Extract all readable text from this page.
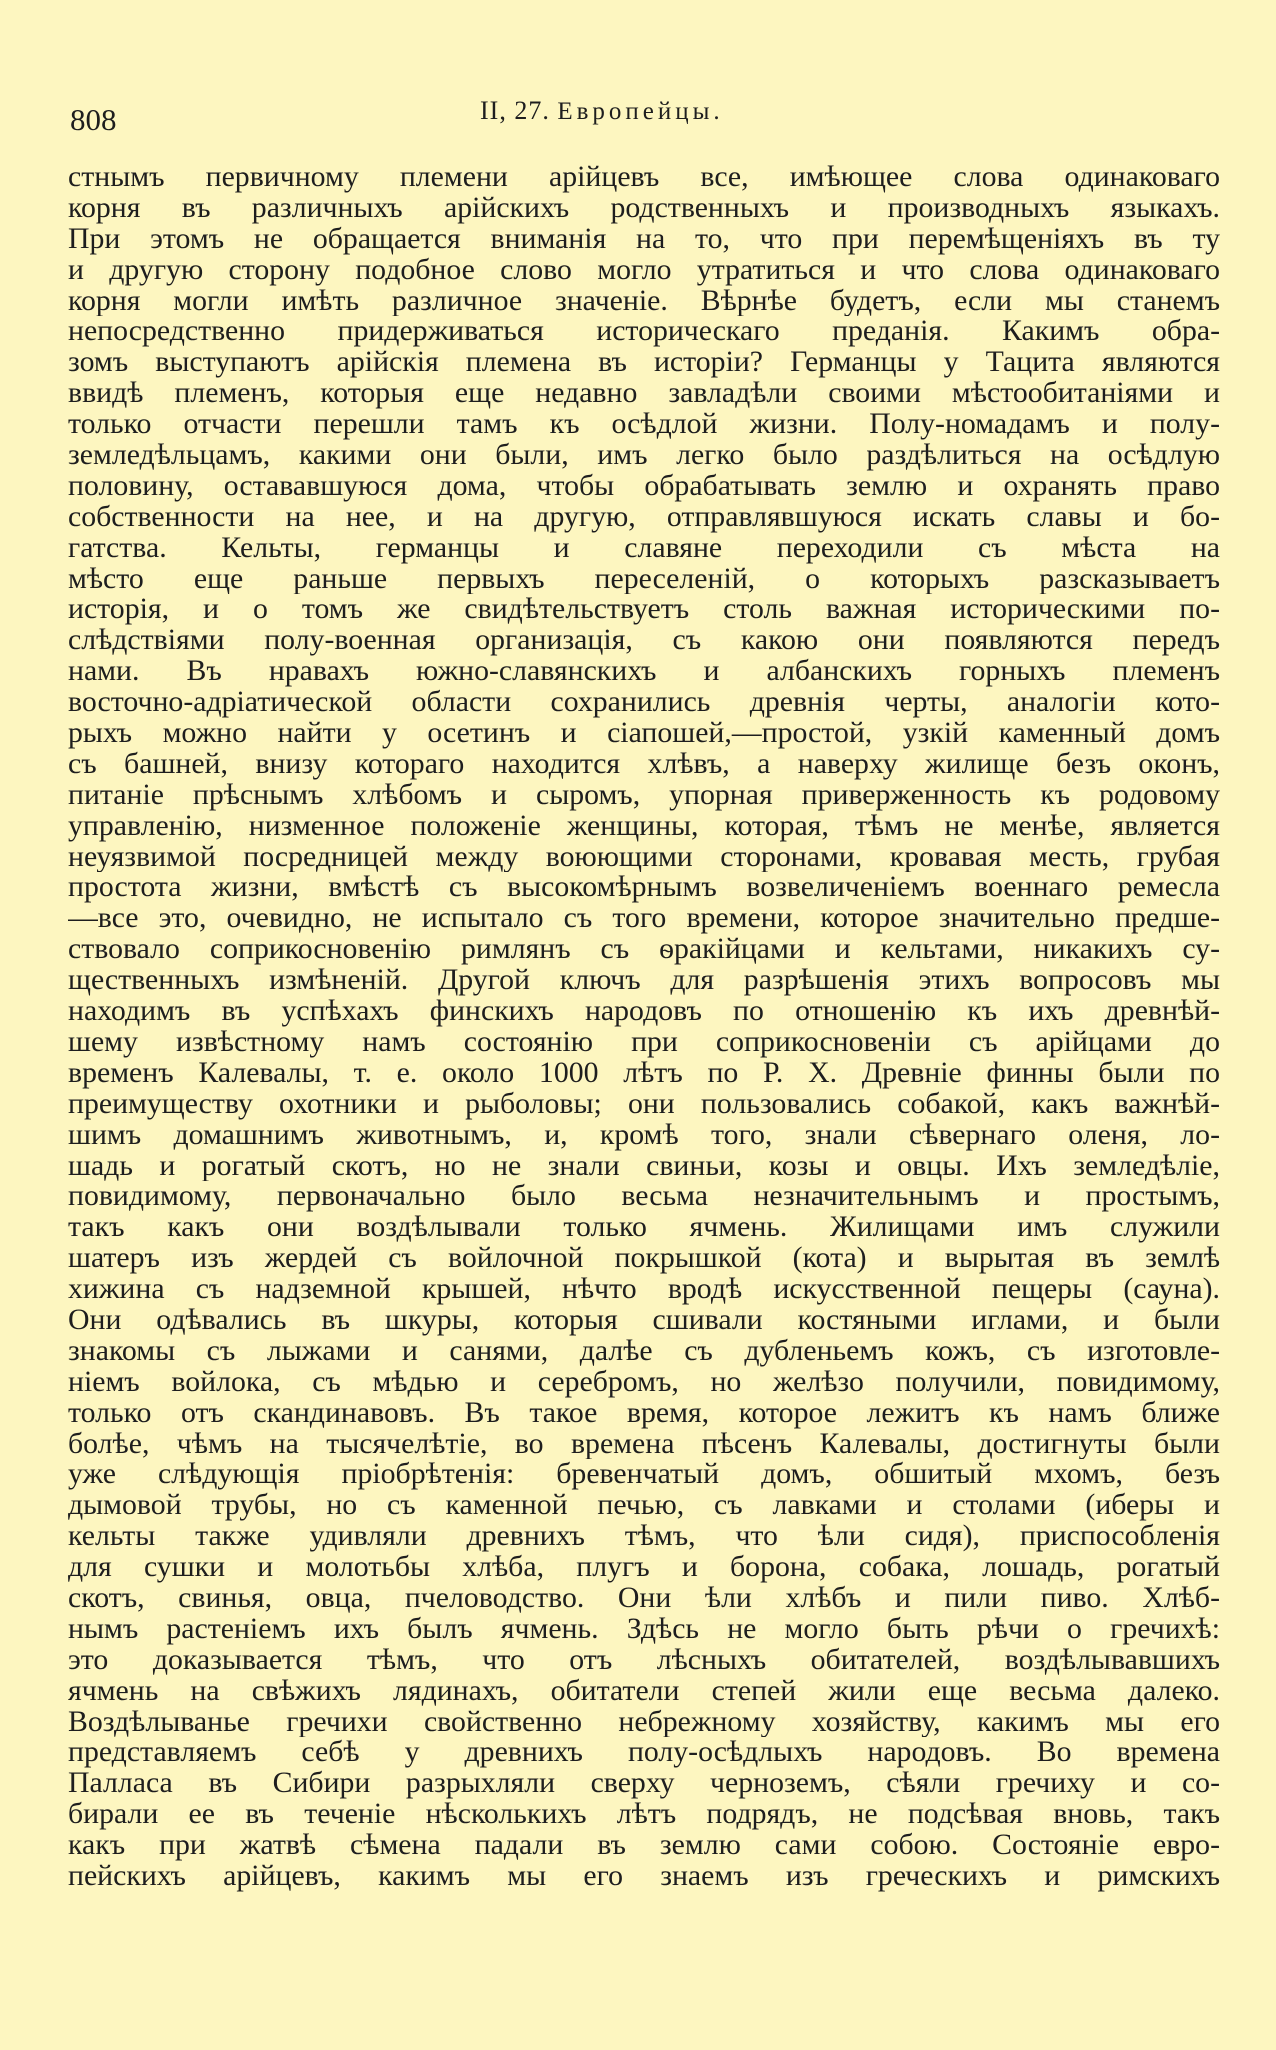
808	II, 27. Европейцы.
стнымъ первичному племени арійцевъ все, имѣющее слова одинаковаго
корня въ различныхъ арійскихъ родственныхъ и производныхъ языкахъ.
При этомъ не обращается вниманія на то, что при перемѣщеніяхъ въ ту
и другую сторону подобное слово могло утратиться и что слова одинаковаго
корня могли имѣть различное значеніе. Вѣрнѣе будетъ, если мы станемъ
непосредственно придерживаться историческаго преданія. Какимъ обра-
зомъ выступаютъ арійскія племена въ исторіи? Германцы у Тацита являются
ввидѣ племенъ, которыя еще недавно завладѣли своими мѣстообитаніями и
только отчасти перешли тамъ къ осѣдлой жизни. Полу-номадамъ и полу-
земледѣльцамъ, какими они были, имъ легко было раздѣлиться на осѣдлую
половину, остававшуюся дома, чтобы обрабатывать землю и охранять право
собственности на нее, и на другую, отправлявшуюся искать славы и бо-
гатства. Кельты, германцы и славяне переходили съ мѣста на
мѣсто еще раньше первыхъ переселеній, о которыхъ разсказываетъ
исторія, и о томъ же свидѣтельствуетъ столь важная историческими по-
слѣдствіями полу-военная организація, съ какою они появляются передъ
нами. Въ нравахъ южно-славянскихъ и албанскихъ горныхъ племенъ
восточно-адріатической области сохранились древнія черты, аналогіи кото-
рыхъ можно найти у осетинъ и сіапошей,—простой, узкій каменный домъ
съ башней, внизу котораго находится хлѣвъ, а наверху жилище безъ оконъ,
питаніе прѣснымъ хлѣбомъ и сыромъ, упорная приверженность къ родовому
управленію, низменное положеніе женщины, которая, тѣмъ не менѣе, является
неуязвимой посредницей между воюющими сторонами, кровавая месть, грубая
простота жизни, вмѣстѣ съ высокомѣрнымъ возвеличеніемъ военнаго ремесла
—все это, очевидно, не испытало съ того времени, которое значительно предше-
ствовало соприкосновенію римлянъ съ ѳракійцами и кельтами, никакихъ су-
щественныхъ измѣненій. Другой ключъ для разрѣшенія этихъ вопросовъ мы
находимъ въ успѣхахъ финскихъ народовъ по отношенію къ ихъ древнѣй-
шему извѣстному намъ состоянію при соприкосновеніи съ арійцами до
временъ Калевалы, т. е. около 1000 лѣтъ по Р. Х. Древніе финны были по
преимуществу охотники и рыболовы; они пользовались собакой, какъ важнѣй-
шимъ домашнимъ животнымъ, и, кромѣ того, знали сѣвернаго оленя, ло-
шадь и рогатый скотъ, но не знали свиньи, козы и овцы. Ихъ земледѣліе,
повидимому, первоначально было весьма незначительнымъ и простымъ,
такъ какъ они воздѣлывали только ячмень. Жилищами имъ служили
шатеръ изъ жердей съ войлочной покрышкой (кота) и вырытая въ землѣ
хижина съ надземной крышей, нѣчто вродѣ искусственной пещеры (сауна).
Они одѣвались въ шкуры, которыя сшивали костяными иглами, и были
знакомы съ лыжами и санями, далѣе съ дубленьемъ кожъ, съ изготовле-
ніемъ войлока, съ мѣдью и серебромъ, но желѣзо получили, повидимому,
только отъ скандинавовъ. Въ такое время, которое лежитъ къ намъ ближе
болѣе, чѣмъ на тысячелѣтіе, во времена пѣсенъ Калевалы, достигнуты были
уже слѣдующія пріобрѣтенія: бревенчатый домъ, обшитый мхомъ, безъ
дымовой трубы, но съ каменной печью, съ лавками и столами (иберы и
кельты также удивляли древнихъ тѣмъ, что ѣли сидя), приспособленія
для сушки и молотьбы хлѣба, плугъ и борона, собака, лошадь, рогатый
скотъ, свинья, овца, пчеловодство. Они ѣли хлѣбъ и пили пиво. Хлѣб-
нымъ растеніемъ ихъ былъ ячмень. Здѣсь не могло быть рѣчи о гречихѣ:
это доказывается тѣмъ, что отъ лѣсныхъ обитателей, воздѣлывавшихъ
ячмень на свѣжихъ лядинахъ, обитатели степей жили еще весьма далеко.
Воздѣлыванье гречихи свойственно небрежному хозяйству, какимъ мы его
представляемъ себѣ у древнихъ полу-осѣдлыхъ народовъ. Во времена
Палласа въ Сибири разрыхляли сверху черноземъ, сѣяли гречиху и со-
бирали ее въ теченіе нѣсколькихъ лѣтъ подрядъ, не подсѣвая вновь, такъ
какъ при жатвѣ сѣмена падали въ землю сами собою. Состояніе евро-
пейскихъ арійцевъ, какимъ мы его знаемъ изъ греческихъ и римскихъ
